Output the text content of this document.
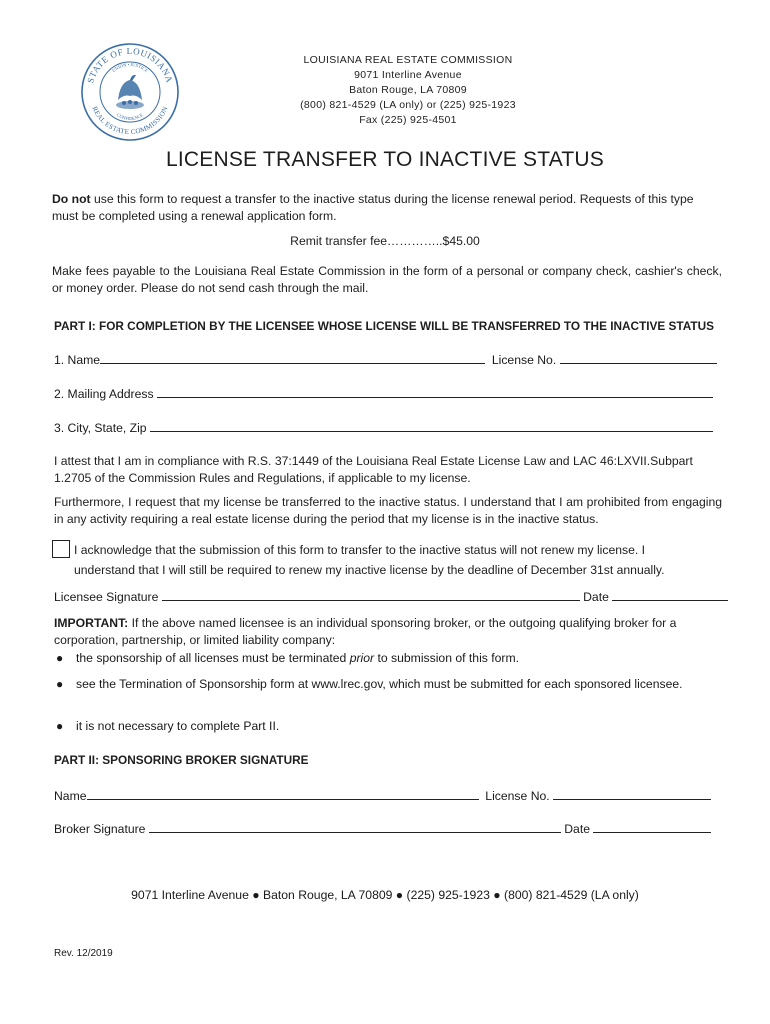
STATE OF LOUISIANA
REAL ESTATE COMMISSION
UNION • JUSTICE
CONFIDENCE
LOUISIANA REAL ESTATE COMMISSION
9071 Interline Avenue
Baton Rouge, LA 70809
(800) 821-4529 (LA only) or (225) 925-1923
Fax (225) 925-4501
LICENSE TRANSFER TO INACTIVE STATUS
Do not use this form to request a transfer to the inactive status during the license renewal period. Requests of this type must be completed using a renewal application form.
Remit transfer fee…………..$45.00
Make fees payable to the Louisiana Real Estate Commission in the form of a personal or company check, cashier's check, or money order. Please do not send cash through the mail.
PART I: FOR COMPLETION BY THE LICENSEE WHOSE LICENSE WILL BE TRANSFERRED TO THE INACTIVE STATUS
1. Name	License No.
2. Mailing Address
3. City, State, Zip
I attest that I am in compliance with R.S. 37:1449 of the Louisiana Real Estate License Law and LAC 46:LXVII.Subpart 1.2705 of the Commission Rules and Regulations, if applicable to my license.
Furthermore, I request that my license be transferred to the inactive status. I understand that I am prohibited from engaging in any activity requiring a real estate license during the period that my license is in the inactive status.
I acknowledge that the submission of this form to transfer to the inactive status will not renew my license. I
understand that I will still be required to renew my inactive license by the deadline of December 31st annually.
Licensee Signature	Date
IMPORTANT: If the above named licensee is an individual sponsoring broker, or the outgoing qualifying broker for a corporation, partnership, or limited liability company:
● the sponsorship of all licenses must be terminated prior to submission of this form.
● see the Termination of Sponsorship form at www.lrec.gov, which must be submitted for each sponsored licensee.
● it is not necessary to complete Part II.
PART II: SPONSORING BROKER SIGNATURE
Name	License No.
Broker Signature	Date
9071 Interline Avenue ● Baton Rouge, LA 70809 ● (225) 925-1923 ● (800) 821-4529 (LA only)
Rev. 12/2019
